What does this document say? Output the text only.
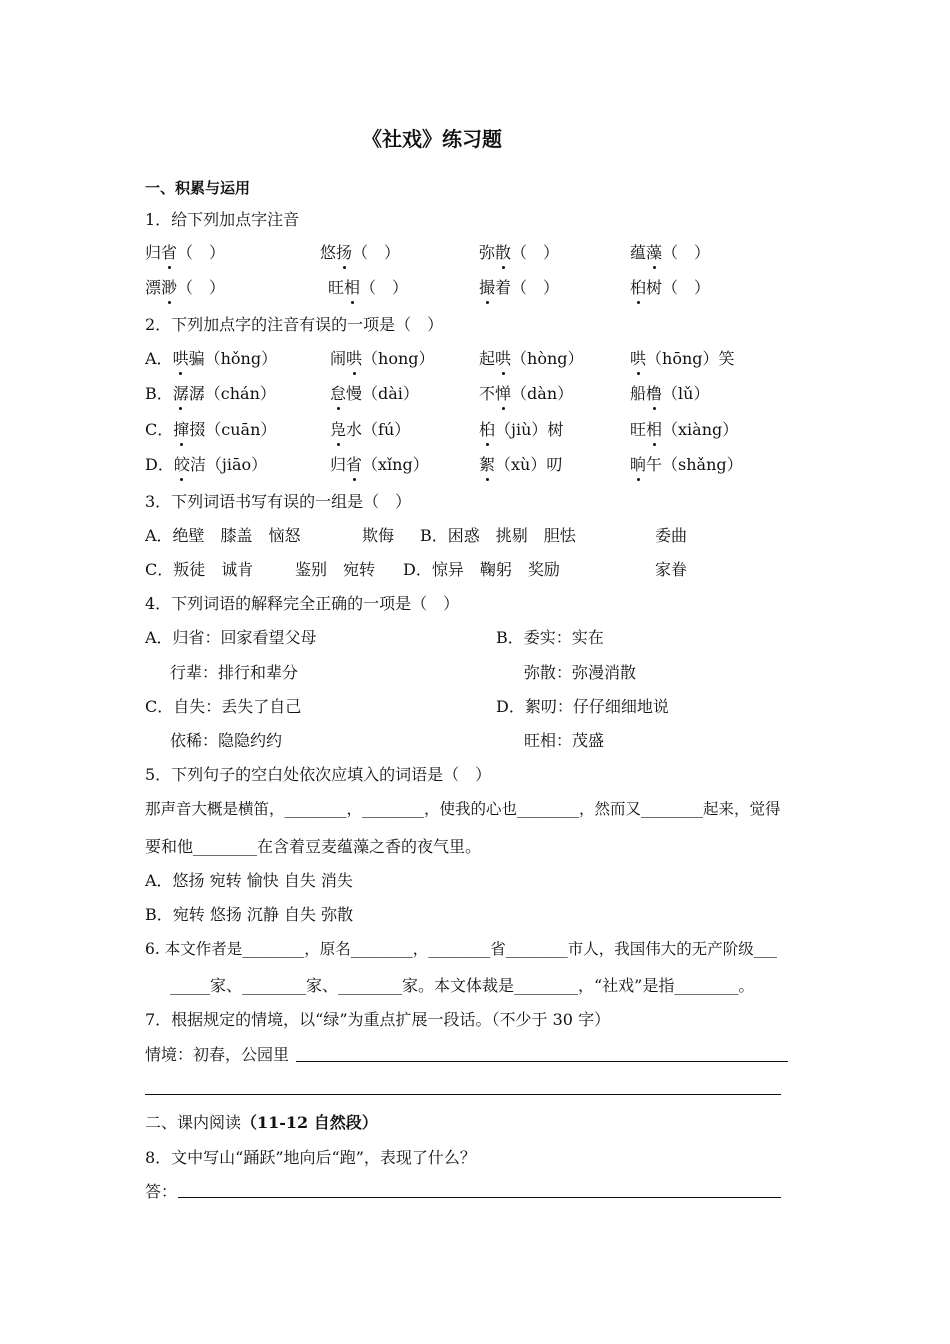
《社戏》练习题
一、积累与运用
1．给下列加点字注音
归省（　）	悠扬（　）	弥散（　）	蕴藻（　）
漂渺（　）	旺相（　）	撮着（　）	桕树（　）
2．下列加点字的注音有误的一项是（　）
A．哄骗（hǒng）	闹哄（hong）	起哄（hòng）	哄（hōng）笑
B．潺潺（chán）	怠慢（dài）	不惮（dàn）	船橹（lǔ）
C．撺掇（cuān）	凫水（fú）	桕（jiù）树	旺相（xiàng）
D．皎洁（jiāo）	归省（xǐng）	絮（xù）叨	晌午（shǎng）
3．下列词语书写有误的一组是（　）
A．绝壁　膝盖　恼怒	欺侮 B．困惑　挑剔　胆怯	委曲
C．叛徒　诚肯	鉴别　宛转 D．惊异　鞠躬　奖励	家眷
4．下列词语的解释完全正确的一项是（　）
A．归省：回家看望父母	B．委实：实在
行辈：排行和辈分	弥散：弥漫消散
C．自失：丢失了自己	D．絮叨：仔仔细细地说
依稀：隐隐约约	旺相：茂盛
5．下列句子的空白处依次应填入的词语是（　）
那声音大概是横笛，________，________，使我的心也________，然而又________起来，觉得
要和他________在含着豆麦蕴藻之香的夜气里。
A．悠扬 宛转 愉快 自失 消失
B．宛转 悠扬 沉静 自失 弥散
6. 本文作者是________，原名________，________省________市人，我国伟大的无产阶级___
_____家、________家、________家。本文体裁是________，“社戏”是指________。
7．根据规定的情境，以“绿”为重点扩展一段话。（不少于 30 字）
情境：初春，公园里
二、课内阅读（11-12 自然段）
8．文中写山“踊跃”地向后“跑”，表现了什么？
答：
